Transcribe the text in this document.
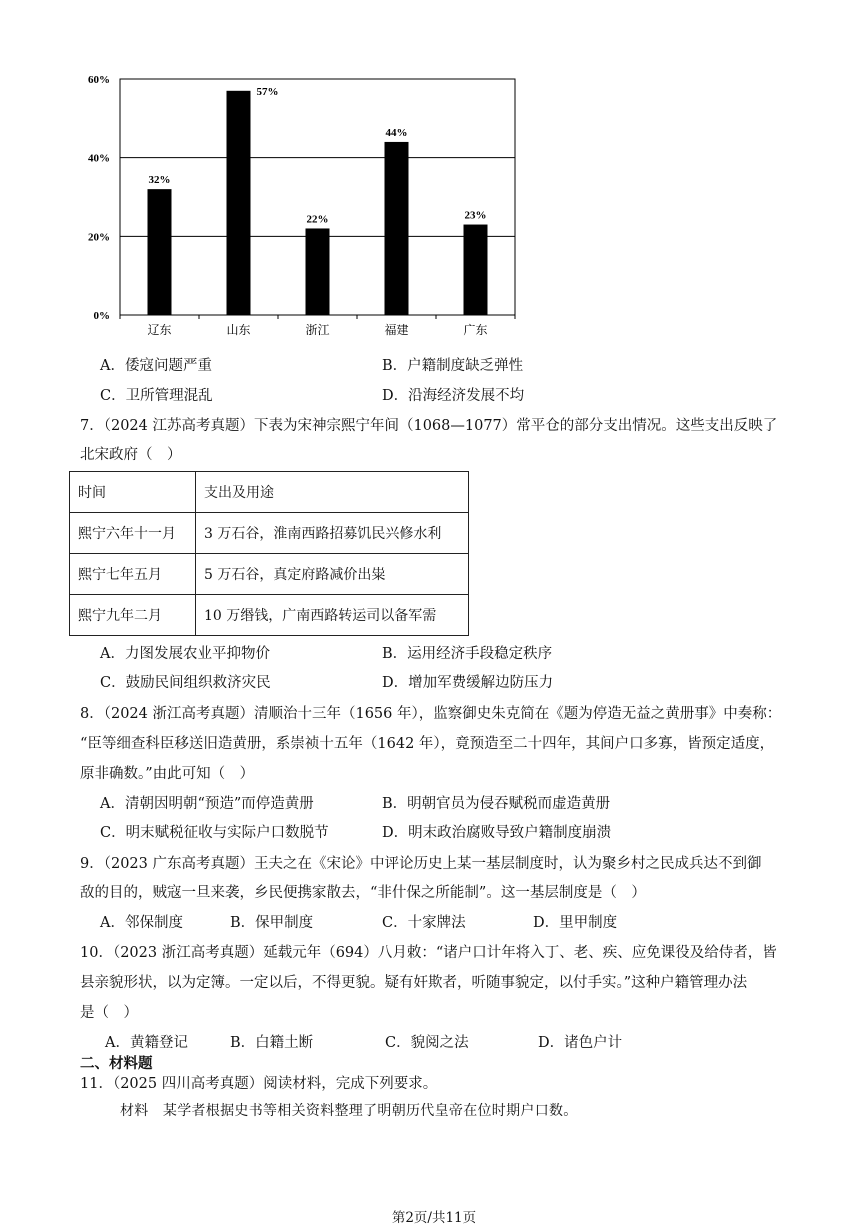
32%
57%
22%
44%
23%
0%
20%
40%
60%
辽东	山东	浙江	福建	广东
A．倭寇问题严重	B．户籍制度缺乏弹性
C．卫所管理混乱	D．沿海经济发展不均
7．（2024 江苏高考真题）下表为宋神宗熙宁年间（1068—1077）常平仓的部分支出情况。这些支出反映了
北宋政府（　）
时间	支出及用途
熙宁六年十一月	3 万石谷，淮南西路招募饥民兴修水利
熙宁七年五月	5 万石谷，真定府路减价出粜
熙宁九年二月	10 万缗钱，广南西路转运司以备军需
A．力图发展农业平抑物价	B．运用经济手段稳定秩序
C．鼓励民间组织救济灾民	D．增加军费缓解边防压力
8．（2024 浙江高考真题）清顺治十三年（1656 年），监察御史朱克简在《题为停造无益之黄册事》中奏称：
“臣等细查科臣移送旧造黄册，系崇祯十五年（1642 年），竟预造至二十四年，其间户口多寡，皆预定适度，
原非确数。”由此可知（　）
A．清朝因明朝“预造”而停造黄册	B．明朝官员为侵吞赋税而虚造黄册
C．明末赋税征收与实际户口数脱节	D．明末政治腐败导致户籍制度崩溃
9．（2023 广东高考真题）王夫之在《宋论》中评论历史上某一基层制度时，认为聚乡村之民成兵达不到御
敌的目的，贼寇一旦来袭，乡民便携家散去，“非什保之所能制”。这一基层制度是（　）
A．邻保制度	B．保甲制度	C．十家牌法	D．里甲制度
10．（2023 浙江高考真题）延载元年（694）八月敕：“诸户口计年将入丁、老、疾、应免课役及给侍者，皆
县亲貌形状，以为定簿。一定以后，不得更貌。疑有奸欺者，听随事貌定，以付手实。”这种户籍管理办法
是（　）
A．黄籍登记	B．白籍土断	C．貌阅之法	D．诸色户计
二、材料题
11．（2025 四川高考真题）阅读材料，完成下列要求。
材料　某学者根据史书等相关资料整理了明朝历代皇帝在位时期户口数。
第2页/共11页
